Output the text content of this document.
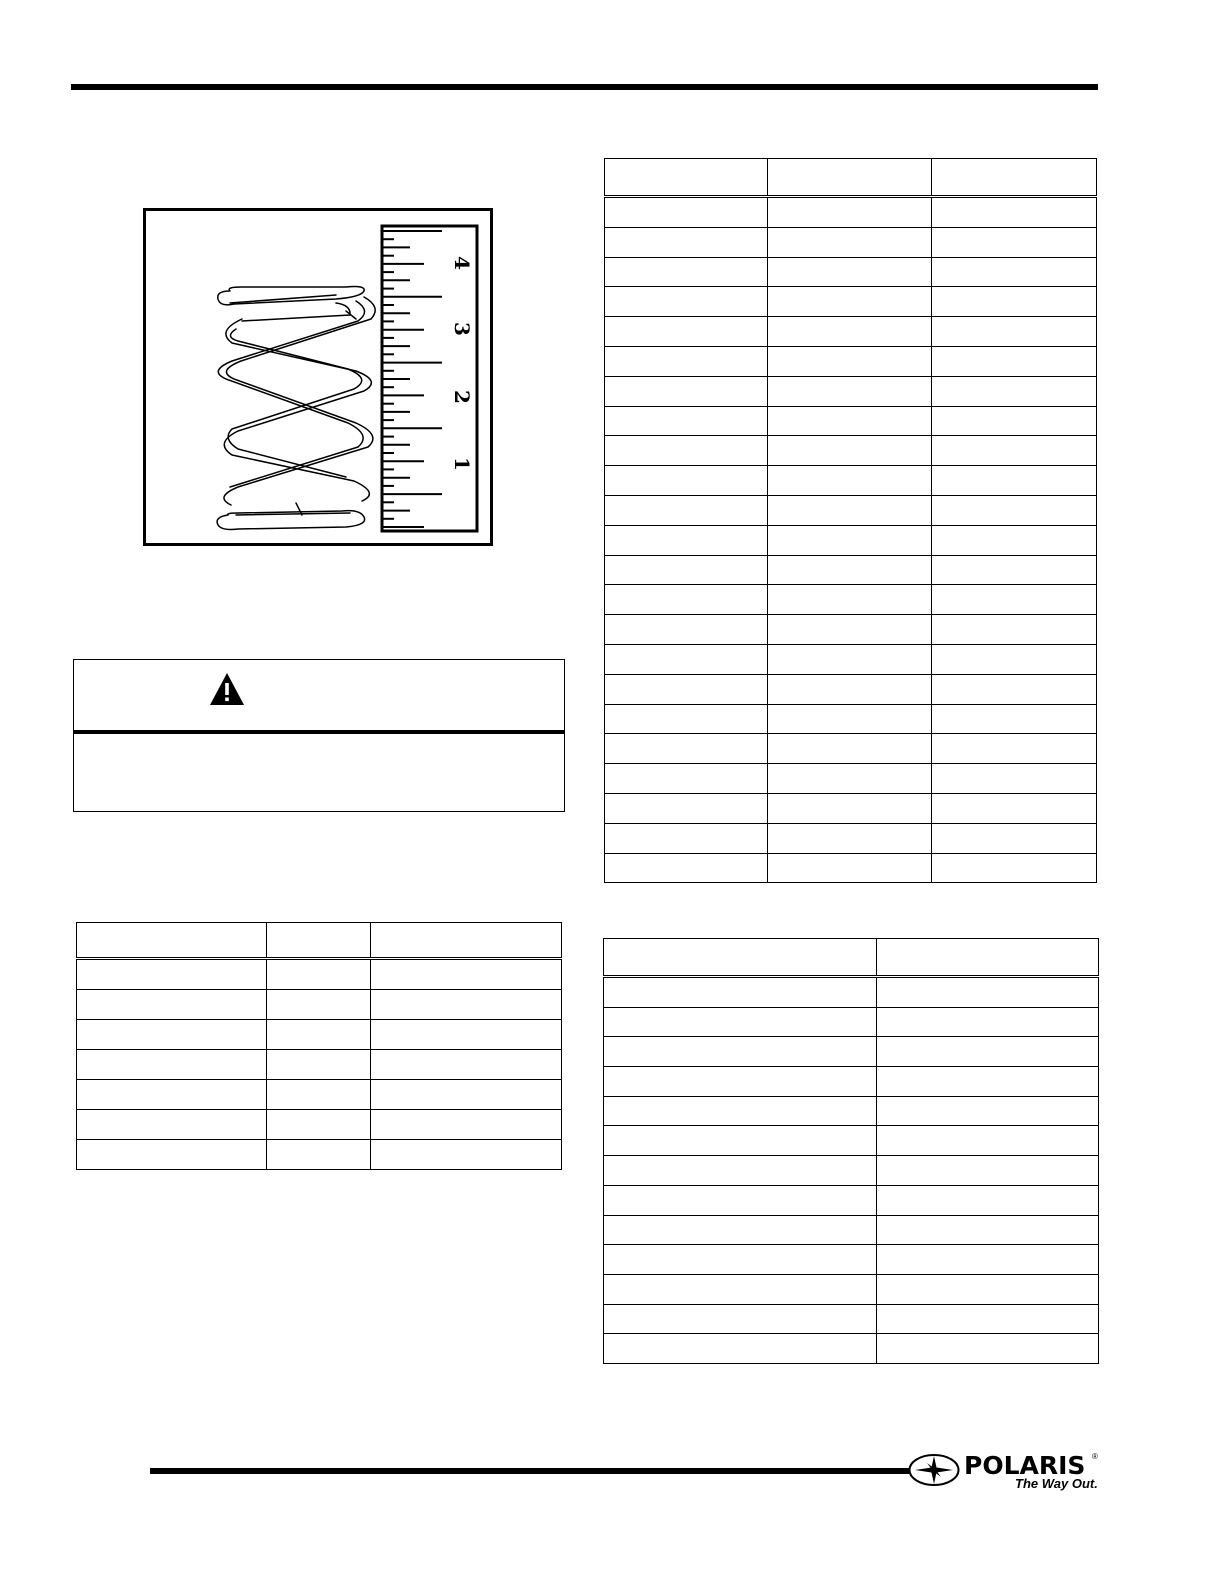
4
3
2
1

POLARIS ®
The Way Out.
